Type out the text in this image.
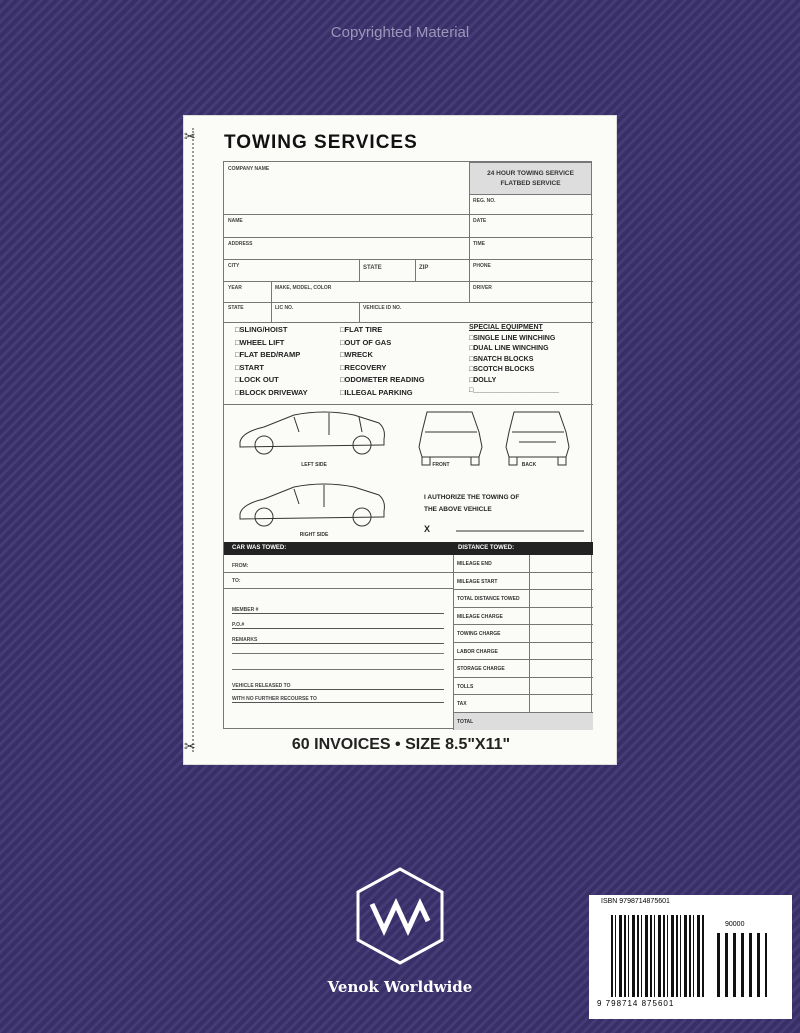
Copyrighted Material
✂
✂
TOWING SERVICES
24 HOUR TOWING SERVICE
FLATBED SERVICE
COMPANY NAME
REG. NO.
NAME	DATE
ADDRESS	TIME
CITY	STATE	ZIP	PHONE
YEAR	MAKE, MODEL, COLOR	DRIVER
STATE	LIC NO.	VEHICLE ID NO.
□ SLING/HOIST
□ WHEEL LIFT
□ FLAT BED/RAMP
□ START
□ LOCK OUT
□ BLOCK DRIVEWAY
□ FLAT TIRE
□ OUT OF GAS
□ WRECK
□ RECOVERY
□ ODOMETER READING
□ ILLEGAL PARKING
SPECIAL EQUIPMENT
□ SINGLE LINE WINCHING
□ DUAL LINE WINCHING
□ SNATCH BLOCKS
□ SCOTCH BLOCKS
□ DOLLY
□ ______________________
LEFT SIDE	FRONT	BACK
RIGHT SIDE
I AUTHORIZE THE TOWING OF
THE ABOVE VEHICLE
X
CAR WAS TOWED:	DISTANCE TOWED:
MILEAGE END
MILEAGE START
TOTAL DISTANCE TOWED
MILEAGE CHARGE
TOWING CHARGE
LABOR CHARGE
STORAGE CHARGE
TOLLS
TAX
TOTAL
FROM:
TO:
MEMBER #
P.O.#
REMARKS
VEHICLE RELEASED TO
WITH NO FURTHER RECOURSE TO
60 INVOICES • SIZE 8.5"X11"
Venok Worldwide
ISBN 9798714875601
90000
9 798714 875601
